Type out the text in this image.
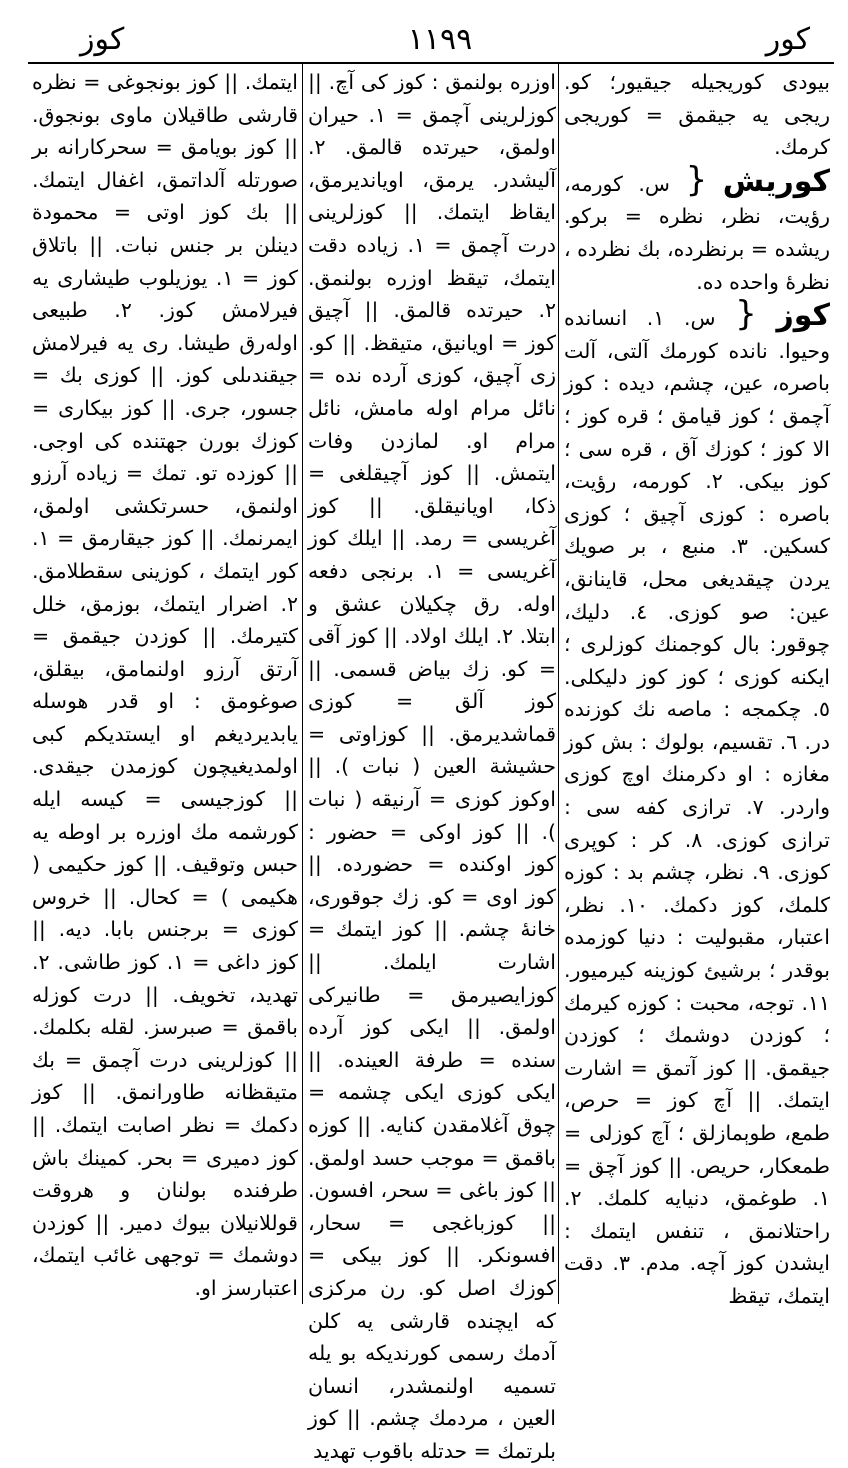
كوز	١١٩٩	كور

بيودى كوريجيله جيقيور؛ كو. ريجى يه جيقمق = كوريجى كرمك.

كوريش { س. كورمه، رؤيت، نظر، نظره = بركو. ريشده = برنظرده، بك نظرده ، نظرهٔ واحده ده.

كوز { س. ١. انسانده وحيوا. نانده كورمك آلتى، آلت باصره، عين، چشم، ديده : كوز آچمق ؛ كوز قيامق ؛ قره كوز ؛ الا كوز ؛ كوزك آق ، قره سى ؛ كوز بيكى. ٢. كورمه، رؤيت، باصره : كوزى آچيق ؛ كوزى كسكين. ٣. منبع ، بر صويك يردن چيقديغى محل، قاينانق، عين: صو كوزى. ٤. دليك، چوقور: بال كوجمنك كوزلرى ؛ ايكنه كوزى ؛ كوز كوز دليكلى. ٥. چكمجه : ماصه نك كوزنده در. ٦. تقسيم، بولوك : بش كوز مغازه : او دكرمنك اوچ كوزى واردر. ٧. ترازى كفه سى : ترازى كوزى. ٨. كر : كوپرى كوزى. ٩. نظر، چشم بد : كوزه كلمك، كوز دكمك. ١٠. نظر، اعتبار، مقبوليت : دنيا كوزمده بوقدر ؛ برشيئ كوزينه كيرميور. ١١. توجه، محبت : كوزه كيرمك ؛ كوزدن دوشمك ؛ كوزدن جيقمق. || كوز آتمق = اشارت ايتمك. || آچ كوز = حرص، طمع، طوېمازلق ؛ آچ كوزلى = طمعكار، حريص. || كوز آچق = ١. طوغمق، دنيايه كلمك. ٢. راحتلانمق ، تنفس ايتمك : ايشدن كوز آچه. مدم. ٣. دقت ايتمك، تيقظ

اوزره بولنمق : كوز كى آچ. || كوزلرينى آچمق = ١. حيران اولمق، حيرتده قالمق. ٢. آليشدر. يرمق، اويانديرمق، ايقاظ ايتمك. || كوزلرينى درت آچمق = ١. زياده دقت ايتمك، تيقظ اوزره بولنمق. ٢. حيرتده قالمق. || آچيق كوز = اويانيق، متيقظ. || كو. زى آچيق، كوزى آرده نده = نائل مرام اوله مامش، نائل مرام او. لمازدن وفات ايتمش. || كوز آچيقلغى = ذكا، اويانيقلق. || كوز آغريسى = رمد. || ايلك كوز آغريسى = ١. برنجى دفعه اوله. رق چكيلان عشق و ابتلا. ٢. ايلك اولاد. || كوز آقى = كو. زك بياض قسمى. || كوز آلق = كوزى قماشديرمق. || كوزاوتى = حشيشة العين ( نبات ). || اوكوز كوزى = آرنيقه ( نبات ). || كوز اوكى = حضور : كوز اوكنده = حضورده. || كوز اوى = كو. زك جوقورى، خانهٔ چشم. || كوز ايتمك = اشارت ايلمك. || كوزايصيرمق = طانيركى اولمق. || ايكى كوز آرده سنده = طرفة العينده. || ايكى كوزى ايكى چشمه = چوق آغلامقدن كنايه. || كوزه باقمق = موجب حسد اولمق. || كوز باغى = سحر، افسون. || كوزباغجى = سحار، افسونكر. || كوز بيكى = كوزك اصل كو. رن مركزى كه ايچنده قارشى يه كلن آدمك رسمى كورنديكه بو يله تسميه اولنمشدر، انسان العين ، مردمك چشم. || كوز بلرتمك = حدتله باقوب تهديد

ايتمك. || كوز بونجوغى = نظره قارشى طاقيلان ماوى بونجوق. || كوز بويامق = سحركارانه بر صورتله آلداتمق، اغفال ايتمك. || بك كوز اوتى = محمودة دينلن بر جنس نبات. || باتلاق كوز = ١. يوزيلوب طيشارى يه فيرلامش كوز. ٢. طبيعى اولەرق طيشا. رى يه فيرلامش جيقندىلى كوز. || كوزى بك = جسور، جرى. || كوز بيكارى = كوزك بورن جهتنده كى اوجى. || كوزده تو. تمك = زياده آرزو اولنمق، حسرتكشى اولمق، ايمرنمك. || كوز جيقارمق = ١. كور ايتمك ، كوزينى سقطلامق. ٢. اضرار ايتمك، بوزمق، خلل كتيرمك. || كوزدن جيقمق = آرتق آرزو اولنمامق، بيقلق، صوغومق : او قدر هوسله يابديرديغم او ايستديكم كبى اولمديغيچون كوزمدن جيقدى. || كوزجيسى = كيسه ايله كورشمه مك اوزره بر اوطه يه حبس وتوقيف. || كوز حكيمى ( هكيمى ) = كحال. || خروس كوزى = برجنس بابا. ديه. || كوز داغى = ١. كوز طاشى. ٢. تهديد، تخويف. || درت كوزله باقمق = صبرسز. لقله بكلمك. || كوزلرينى درت آچمق = بك متيقظانه طاورانمق. || كوز دكمك = نظر اصابت ايتمك. || كوز دميرى = بحر. كمينك باش طرفنده بولنان و هروقت قوللانيلان بيوك دمير. || كوزدن دوشمك = توجهى غائب ايتمك، اعتبارسز او.
